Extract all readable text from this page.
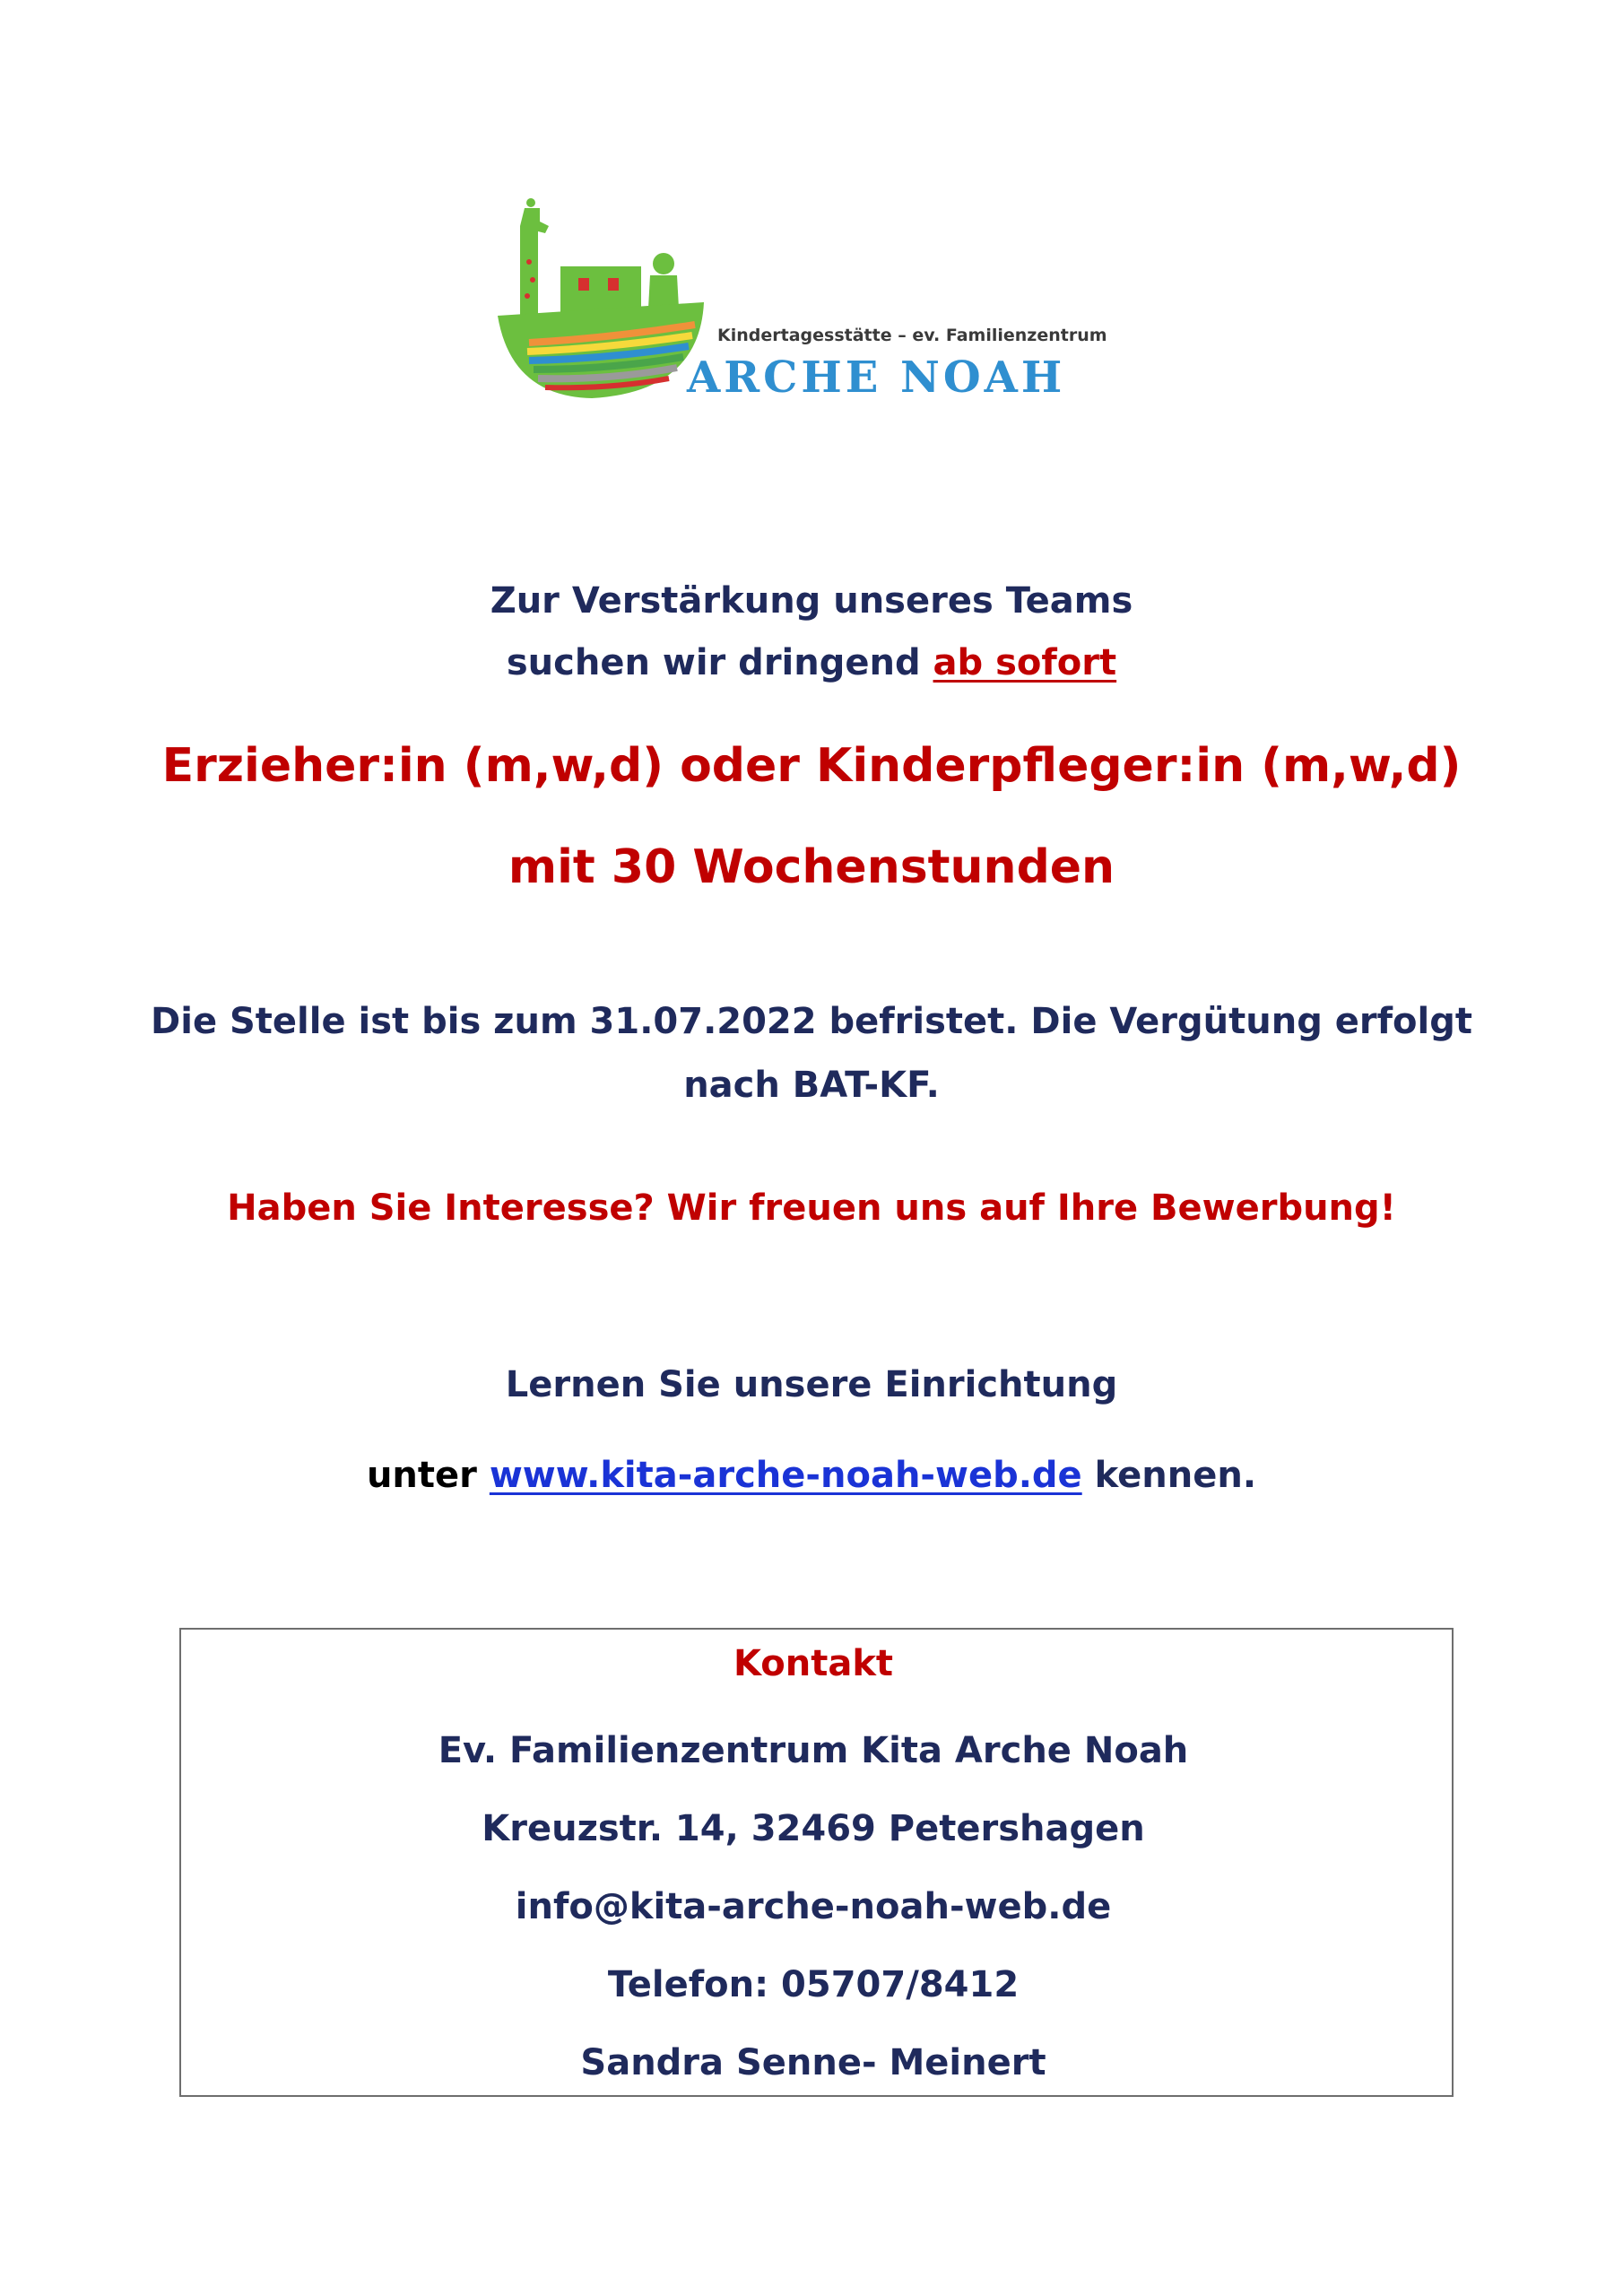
Kindertagesstätte – ev. Familienzentrum
ARCHE NOAH
Zur Verstärkung unseres Teams
suchen wir dringend ab sofort
Erzieher:in (m,w,d) oder Kinderpfleger:in (m,w,d)
mit 30 Wochenstunden
Die Stelle ist bis zum 31.07.2022 befristet. Die Vergütung erfolgt
nach BAT-KF.
Haben Sie Interesse? Wir freuen uns auf Ihre Bewerbung!
Lernen Sie unsere Einrichtung
unter www.kita-arche-noah-web.de kennen.
Kontakt
Ev. Familienzentrum Kita Arche Noah
Kreuzstr. 14, 32469 Petershagen
info@kita-arche-noah-web.de
Telefon: 05707/8412
Sandra Senne- Meinert
